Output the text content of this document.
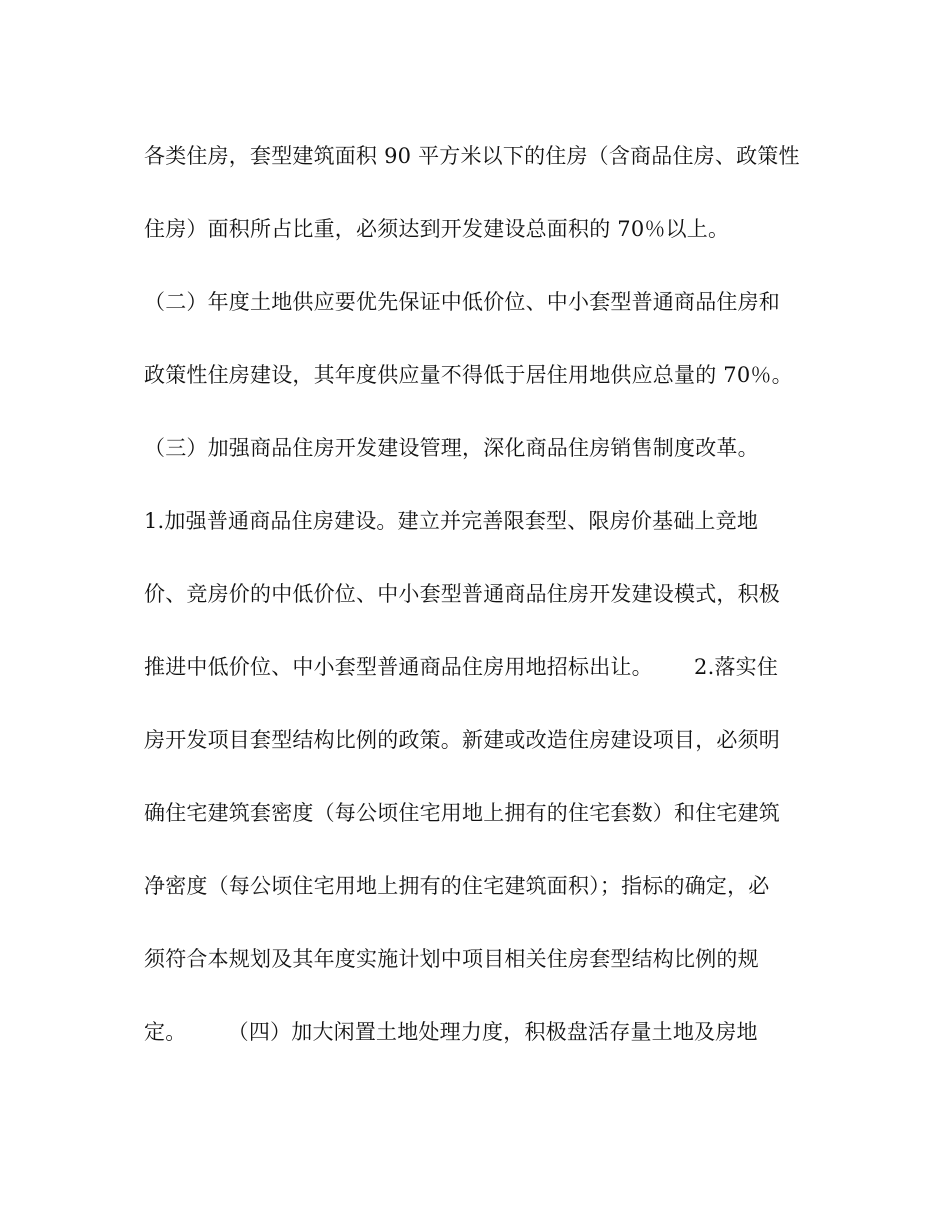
各类住房，套型建筑面积 90 平方米以下的住房（含商品住房、政策性

住房）面积所占比重，必须达到开发建设总面积的 70％以上。

（二）年度土地供应要优先保证中低价位、中小套型普通商品住房和

政策性住房建设，其年度供应量不得低于居住用地供应总量的 70％。

（三）加强商品住房开发建设管理，深化商品住房销售制度改革。

1.加强普通商品住房建设。建立并完善限套型、限房价基础上竞地

价、竞房价的中低价位、中小套型普通商品住房开发建设模式，积极

推进中低价位、中小套型普通商品住房用地招标出让。      2.落实住

房开发项目套型结构比例的政策。新建或改造住房建设项目，必须明

确住宅建筑套密度（每公顷住宅用地上拥有的住宅套数）和住宅建筑

净密度（每公顷住宅用地上拥有的住宅建筑面积）；指标的确定，必

须符合本规划及其年度实施计划中项目相关住房套型结构比例的规

定。      （四）加大闲置土地处理力度，积极盘活存量土地及房地
